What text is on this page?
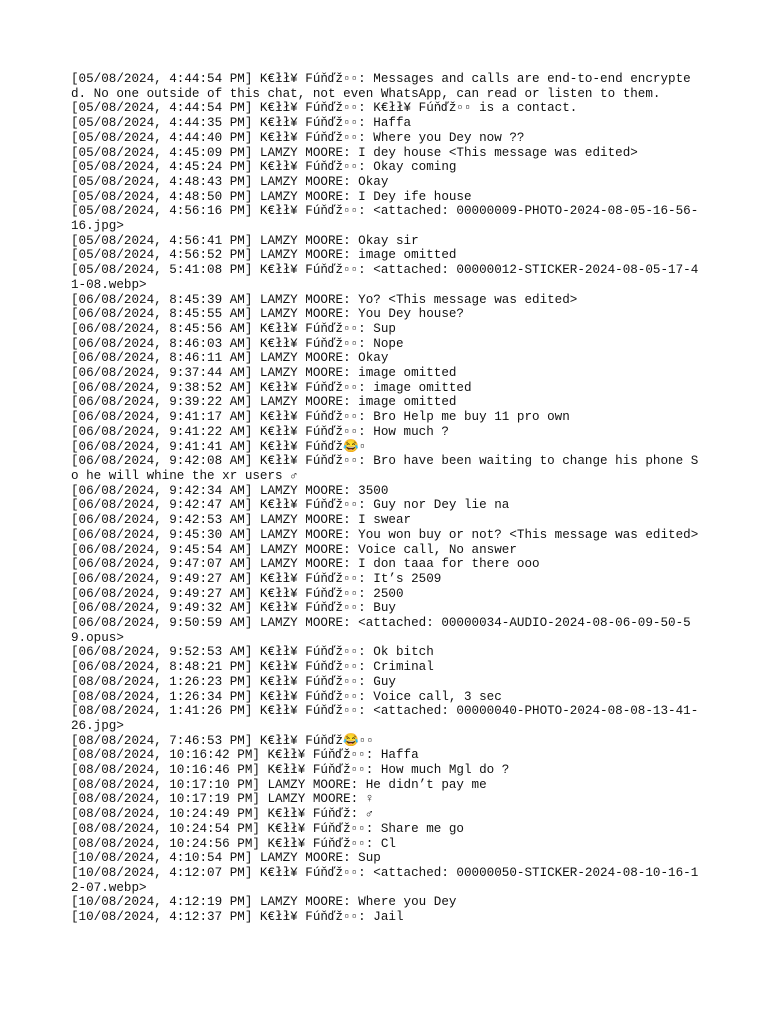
[05/08/2024, 4:44:54 PM] K€łł¥ Fúňďž▫▫: Messages and calls are end-to-end encrypted. No one outside of this chat, not even WhatsApp, can read or listen to them.
[05/08/2024, 4:44:54 PM] K€łł¥ Fúňďž▫▫: K€łł¥ Fúňďž▫▫ is a contact.
[05/08/2024, 4:44:35 PM] K€łł¥ Fúňďž▫▫: Haffa
[05/08/2024, 4:44:40 PM] K€łł¥ Fúňďž▫▫: Where you Dey now ??
[05/08/2024, 4:45:09 PM] LAMZY MOORE: I dey house <This message was edited>
[05/08/2024, 4:45:24 PM] K€łł¥ Fúňďž▫▫: Okay coming
[05/08/2024, 4:48:43 PM] LAMZY MOORE: Okay
[05/08/2024, 4:48:50 PM] LAMZY MOORE: I Dey ife house
[05/08/2024, 4:56:16 PM] K€łł¥ Fúňďž▫▫: <attached: 00000009-PHOTO-2024-08-05-16-56-16.jpg>
[05/08/2024, 4:56:41 PM] LAMZY MOORE: Okay sir
[05/08/2024, 4:56:52 PM] LAMZY MOORE: image omitted
[05/08/2024, 5:41:08 PM] K€łł¥ Fúňďž▫▫: <attached: 00000012-STICKER-2024-08-05-17-41-08.webp>
[06/08/2024, 8:45:39 AM] LAMZY MOORE: Yo? <This message was edited>
[06/08/2024, 8:45:55 AM] LAMZY MOORE: You Dey house?
[06/08/2024, 8:45:56 AM] K€łł¥ Fúňďž▫▫: Sup
[06/08/2024, 8:46:03 AM] K€łł¥ Fúňďž▫▫: Nope
[06/08/2024, 8:46:11 AM] LAMZY MOORE: Okay
[06/08/2024, 9:37:44 AM] LAMZY MOORE: image omitted
[06/08/2024, 9:38:52 AM] K€łł¥ Fúňďž▫▫: image omitted
[06/08/2024, 9:39:22 AM] LAMZY MOORE: image omitted
[06/08/2024, 9:41:17 AM] K€łł¥ Fúňďž▫▫: Bro Help me buy 11 pro own
[06/08/2024, 9:41:22 AM] K€łł¥ Fúňďž▫▫: How much ?
[06/08/2024, 9:41:41 AM] K€łł¥ Fúňďž😂▫
[06/08/2024, 9:42:08 AM] K€łł¥ Fúňďž▫▫: Bro have been waiting to change his phone So he will whine the xr users ♂
[06/08/2024, 9:42:34 AM] LAMZY MOORE: 3500
[06/08/2024, 9:42:47 AM] K€łł¥ Fúňďž▫▫: Guy nor Dey lie na
[06/08/2024, 9:42:53 AM] LAMZY MOORE: I swear
[06/08/2024, 9:45:30 AM] LAMZY MOORE: You won buy or not? <This message was edited>
[06/08/2024, 9:45:54 AM] LAMZY MOORE: Voice call, No answer
[06/08/2024, 9:47:07 AM] LAMZY MOORE: I don taaa for there ooo
[06/08/2024, 9:49:27 AM] K€łł¥ Fúňďž▫▫: It’s 2509
[06/08/2024, 9:49:27 AM] K€łł¥ Fúňďž▫▫: 2500
[06/08/2024, 9:49:32 AM] K€łł¥ Fúňďž▫▫: Buy
[06/08/2024, 9:50:59 AM] LAMZY MOORE: <attached: 00000034-AUDIO-2024-08-06-09-50-59.opus>
[06/08/2024, 9:52:53 AM] K€łł¥ Fúňďž▫▫: Ok bitch
[06/08/2024, 8:48:21 PM] K€łł¥ Fúňďž▫▫: Criminal
[08/08/2024, 1:26:23 PM] K€łł¥ Fúňďž▫▫: Guy
[08/08/2024, 1:26:34 PM] K€łł¥ Fúňďž▫▫: Voice call, 3 sec
[08/08/2024, 1:41:26 PM] K€łł¥ Fúňďž▫▫: <attached: 00000040-PHOTO-2024-08-08-13-41-26.jpg>
[08/08/2024, 7:46:53 PM] K€łł¥ Fúňďž😂▫▫
[08/08/2024, 10:16:42 PM] K€łł¥ Fúňďž▫▫: Haffa
[08/08/2024, 10:16:46 PM] K€łł¥ Fúňďž▫▫: How much Mgl do ?
[08/08/2024, 10:17:10 PM] LAMZY MOORE: He didn’t pay me
[08/08/2024, 10:17:19 PM] LAMZY MOORE: ♀
[08/08/2024, 10:24:49 PM] K€łł¥ Fúňďž: ♂
[08/08/2024, 10:24:54 PM] K€łł¥ Fúňďž▫▫: Share me go
[08/08/2024, 10:24:56 PM] K€łł¥ Fúňďž▫▫: Cl
[10/08/2024, 4:10:54 PM] LAMZY MOORE: Sup
[10/08/2024, 4:12:07 PM] K€łł¥ Fúňďž▫▫: <attached: 00000050-STICKER-2024-08-10-16-12-07.webp>
[10/08/2024, 4:12:19 PM] LAMZY MOORE: Where you Dey
[10/08/2024, 4:12:37 PM] K€łł¥ Fúňďž▫▫: Jail
